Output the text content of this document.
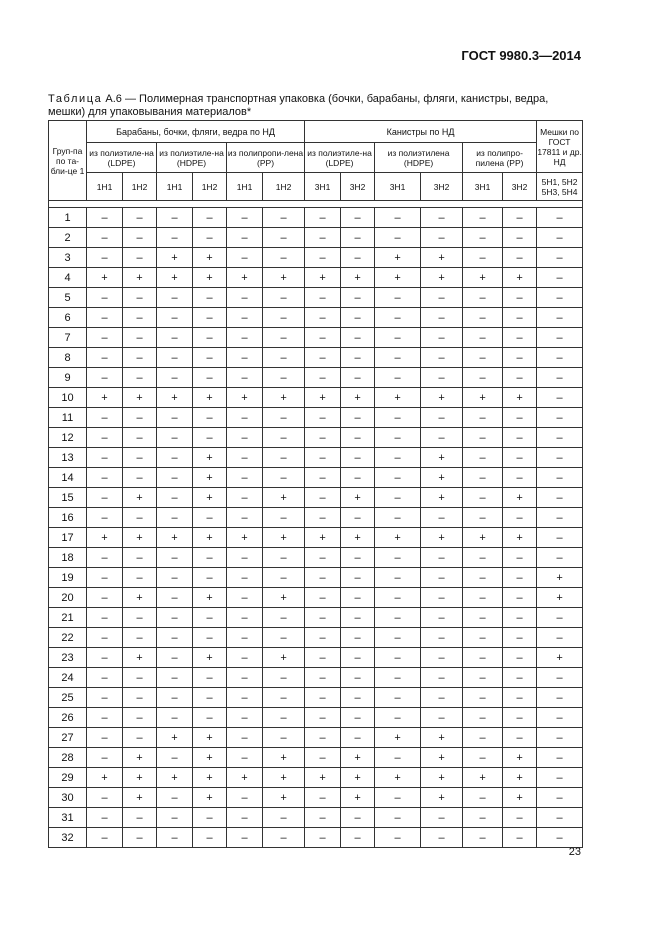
ГОСТ 9980.3—2014
Таблица А.6 — Полимерная транспортная упаковка (бочки, барабаны, фляги, канистры, ведра, мешки) для упаковывания материалов*
Груп-па по та-бли-це 1	Барабаны, бочки, фляги, ведра по НД						Канистры по НД						Мешки по ГОСТ 17811 и др. НД
	из полиэтиле-на (LDPE)		из полиэтиле-на (HDPE)		из полипропи-лена (PP)		из полиэтиле-на (LDPE)		из полиэтилена (HDPE)		из полипро-пилена (PP)		
	1Н1	1Н2	1Н1	1Н2	1Н1	1Н2	3Н1	3Н2	3Н1	3Н2	3Н1	3Н2	5Н1, 5Н2 5Н3, 5Н4

1	–	–	–	–	–	–	–	–	–	–	–	–	–
2	–	–	–	–	–	–	–	–	–	–	–	–	–
3	–	–	+	+	–	–	–	–	+	+	–	–	–
4	+	+	+	+	+	+	+	+	+	+	+	+	–
5	–	–	–	–	–	–	–	–	–	–	–	–	–
6	–	–	–	–	–	–	–	–	–	–	–	–	–
7	–	–	–	–	–	–	–	–	–	–	–	–	–
8	–	–	–	–	–	–	–	–	–	–	–	–	–
9	–	–	–	–	–	–	–	–	–	–	–	–	–
10	+	+	+	+	+	+	+	+	+	+	+	+	–
11	–	–	–	–	–	–	–	–	–	–	–	–	–
12	–	–	–	–	–	–	–	–	–	–	–	–	–
13	–	–	–	+	–	–	–	–	–	+	–	–	–
14	–	–	–	+	–	–	–	–	–	+	–	–	–
15	–	+	–	+	–	+	–	+	–	+	–	+	–
16	–	–	–	–	–	–	–	–	–	–	–	–	–
17	+	+	+	+	+	+	+	+	+	+	+	+	–
18	–	–	–	–	–	–	–	–	–	–	–	–	–
19	–	–	–	–	–	–	–	–	–	–	–	–	+
20	–	+	–	+	–	+	–	–	–	–	–	–	+
21	–	–	–	–	–	–	–	–	–	–	–	–	–
22	–	–	–	–	–	–	–	–	–	–	–	–	–
23	–	+	–	+	–	+	–	–	–	–	–	–	+
24	–	–	–	–	–	–	–	–	–	–	–	–	–
25	–	–	–	–	–	–	–	–	–	–	–	–	–
26	–	–	–	–	–	–	–	–	–	–	–	–	–
27	–	–	+	+	–	–	–	–	+	+	–	–	–
28	–	+	–	+	–	+	–	+	–	+	–	+	–
29	+	+	+	+	+	+	+	+	+	+	+	+	–
30	–	+	–	+	–	+	–	+	–	+	–	+	–
31	–	–	–	–	–	–	–	–	–	–	–	–	–
32	–	–	–	–	–	–	–	–	–	–	–	–	–
23
